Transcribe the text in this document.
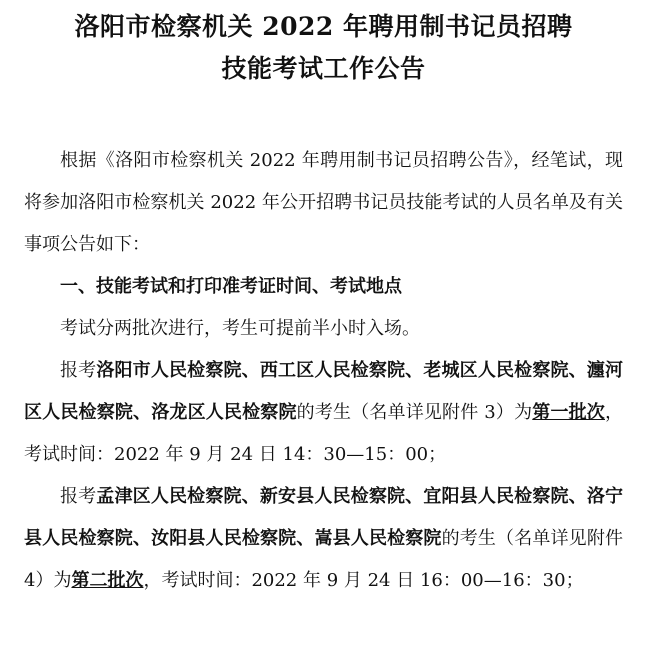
洛阳市检察机关 2022 年聘用制书记员招聘
技能考试工作公告

根据《洛阳市检察机关 2022 年聘用制书记员招聘公告》，经笔试，现将参加洛阳市检察机关 2022 年公开招聘书记员技能考试的人员名单及有关事项公告如下：

一、技能考试和打印准考证时间、考试地点

考试分两批次进行，考生可提前半小时入场。

报考洛阳市人民检察院、西工区人民检察院、老城区人民检察院、瀍河区人民检察院、洛龙区人民检察院的考生（名单详见附件 3）为第一批次，考试时间：2022 年 9 月 24 日 14：30—15：00；

报考孟津区人民检察院、新安县人民检察院、宜阳县人民检察院、洛宁县人民检察院、汝阳县人民检察院、嵩县人民检察院的考生（名单详见附件 4）为第二批次，考试时间：2022 年 9 月 24 日 16：00—16：30；
